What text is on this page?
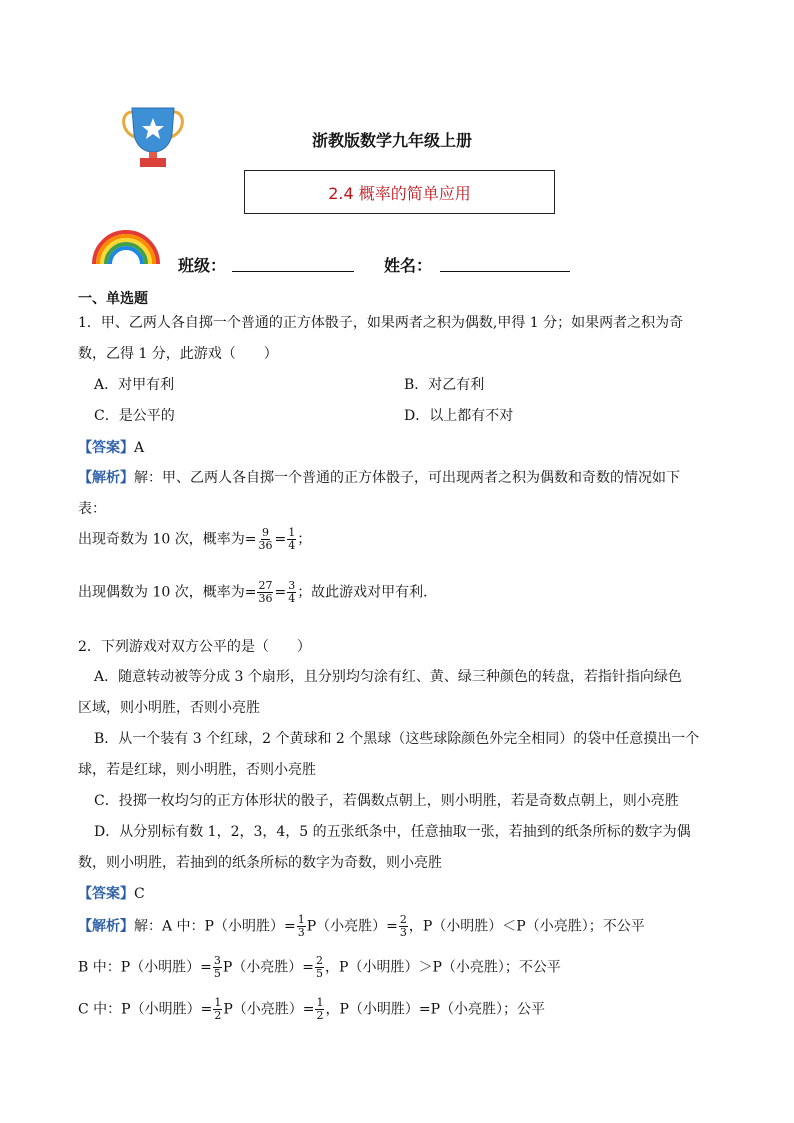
浙教版数学九年级上册
2.4 概率的简单应用
班级：	姓名：
一、单选题
1．甲、乙两人各自掷一个普通的正方体骰子，如果两者之积为偶数,甲得 1 分；如果两者之积为奇
数，乙得 1 分，此游戏（　　）
A．对甲有利	B．对乙有利
C．是公平的	D．以上都有不对
【答案】A
【解析】解：甲、乙两人各自掷一个普通的正方体骰子，可出现两者之积为偶数和奇数的情况如下
表：
出现奇数为 10 次，概率为= $\frac{9}{36} = \frac{1}{4}$ ；
出现偶数为 10 次，概率为= $\frac{27}{36} = \frac{3}{4}$ ；故此游戏对甲有利．
2．下列游戏对双方公平的是（　　）
A．随意转动被等分成 3 个扇形，且分别均匀涂有红、黄、绿三种颜色的转盘，若指针指向绿色
区域，则小明胜，否则小亮胜
B．从一个装有 3 个红球，2 个黄球和 2 个黑球（这些球除颜色外完全相同）的袋中任意摸出一个
球，若是红球，则小明胜，否则小亮胜
C．投掷一枚均匀的正方体形状的骰子，若偶数点朝上，则小明胜，若是奇数点朝上，则小亮胜
D．从分别标有数 1，2，3，4，5 的五张纸条中，任意抽取一张，若抽到的纸条所标的数字为偶
数，则小明胜，若抽到的纸条所标的数字为奇数，则小亮胜
【答案】C
【解析】解：A 中：P（小明胜）= $\frac{1}{3} P$（小亮胜）= $\frac{2}{3}$ ，P（小明胜）＜P（小亮胜）；不公平
B 中：P（小明胜）= $\frac{3}{5} P$（小亮胜）= $\frac{2}{5}$ ，P（小明胜）＞P（小亮胜）；不公平
C 中：P（小明胜）= $\frac{1}{2} P$（小亮胜）= $\frac{1}{2}$ ，P（小明胜）=P（小亮胜）；公平
